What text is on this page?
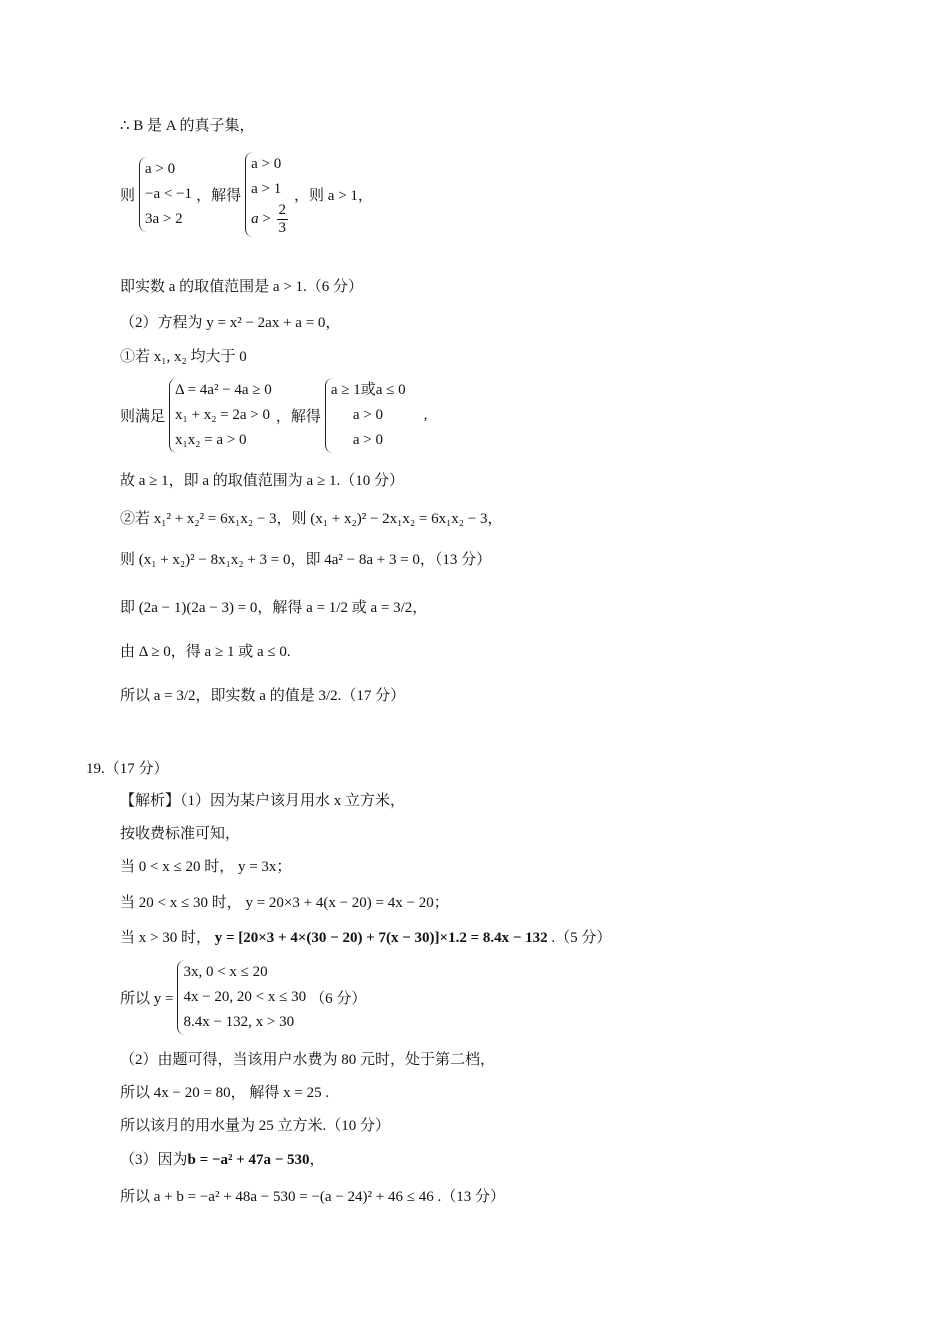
∴ B 是 A 的真子集，
则
a > 0
−a < −1
3a > 2
，解得
a > 0
a > 1
$a > \frac{2}{3}$
，则 a > 1，
即实数 a 的取值范围是 a > 1.（6 分）
（2）方程为 y = x² − 2ax + a = 0，
①若 x₁, x₂ 均大于 0
则满足
Δ = 4a² − 4a ≥ 0
x₁ + x₂ = 2a > 0
x₁x₂ = a > 0
，解得
a ≥ 1或a ≤ 0
a > 0
a > 0
,
故 a ≥ 1，即 a 的取值范围为 a ≥ 1.（10 分）
②若 x₁² + x₂² = 6x₁x₂ − 3，则 (x₁ + x₂)² − 2x₁x₂ = 6x₁x₂ − 3，
则 (x₁ + x₂)² − 8x₁x₂ + 3 = 0，即 4a² − 8a + 3 = 0，（13 分）
即 (2a − 1)(2a − 3) = 0，解得 a = 1/2 或 a = 3/2，
由 Δ ≥ 0，得 a ≥ 1 或 a ≤ 0.
所以 a = 3/2，即实数 a 的值是 3/2.（17 分）
19.（17 分）
【解析】（1）因为某户该月用水 x 立方米，
按收费标准可知，
当 0 < x ≤ 20 时， y = 3x；
当 20 < x ≤ 30 时， y = 20×3 + 4(x − 20) = 4x − 20；
当 x > 30 时， y = [20×3 + 4×(30 − 20) + 7(x − 30)]×1.2 = 8.4x − 132 .（5 分）
所以 y =
3x, 0 < x ≤ 20
4x − 20, 20 < x ≤ 30
8.4x − 132, x > 30
（6 分）
（2）由题可得，当该用户水费为 80 元时，处于第二档，
所以 4x − 20 = 80， 解得 x = 25 .
所以该月的用水量为 25 立方米.（10 分）
（3）因为b = −a² + 47a − 530，
所以 a + b = −a² + 48a − 530 = −(a − 24)² + 46 ≤ 46 .（13 分）
